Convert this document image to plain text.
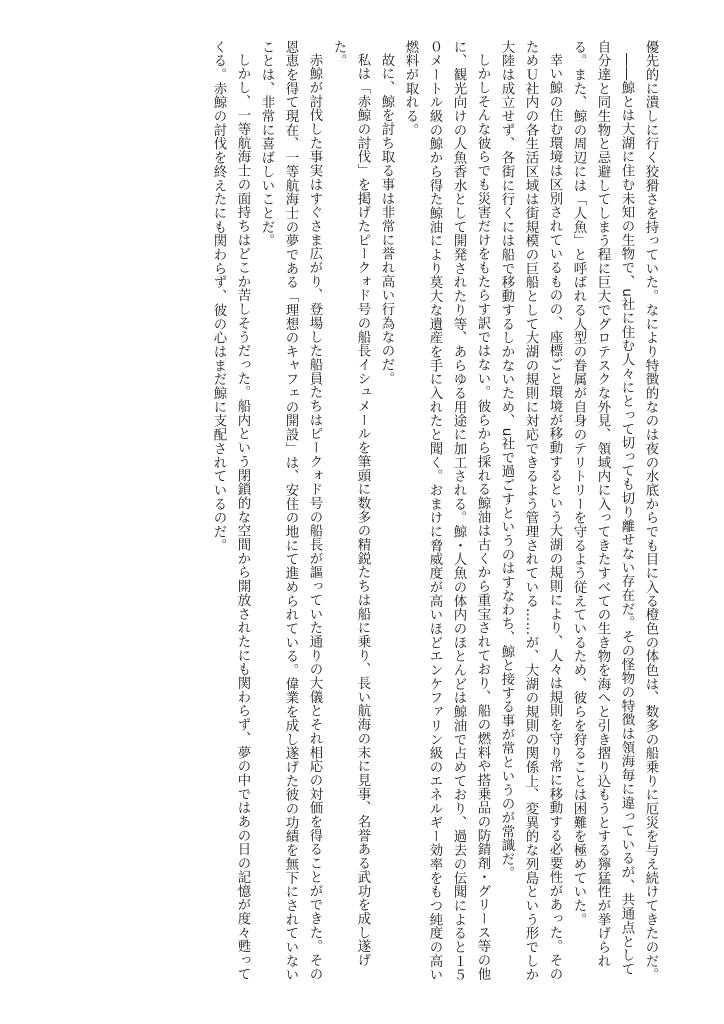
優先的に潰しに行く狡猾さを持っていた。なにより特徴的なのは夜の水底からでも目に入る橙色の体色は、数多の船乗りに厄災を与え続けてきたのだ。

――鯨とは大湖に住む未知の生物で、u社に住む人々にとって切っても切り離せない存在だ。その怪物の特徴は領海毎に違っているが、共通点として自分達と同生物と忌避してしまう程に巨大でグロテスクな外見、領域内に入ってきたすべての生き物を海へと引き摺り込もうとする獰猛性が挙げられる。また、鯨の周辺には「人魚」と呼ばれる人型の眷属が自身のテリトリーを守るよう従えているため、彼らを狩ることは困難を極めていた。

幸い鯨の住む環境は区別されているものの、座標ごと環境が移動するという大湖の規則により、人々は規則を守り常に移動する必要性があった。そのためＵ社内の各生活区域は街規模の巨船として大湖の規則に対応できるよう管理されている……が、大湖の規則の関係上、変異的な列島という形でしか大陸は成立せず、各街に行くには船で移動するしかないため、u社で過ごすというのはすなわち、鯨と接する事が常というのが常識だ。

しかしそんな彼らでも災害だけをもたらす訳ではない。彼らから採れる鯨油は古くから重宝されており、船の燃料や搭乗品の防錆剤・グリース等の他に、観光向けの人魚香水として開発されたり等、あらゆる用途に加工される。鯨・人魚の体内のほとんどは鯨油で占めており、過去の伝聞によると１５０メートル級の鯨から得た鯨油により莫大な遺産を手に入れたと聞く。おまけに脅威度が高いほどエンケファリン級のエネルギー効率をもつ純度の高い燃料が取れる。

故に、鯨を討ち取る事は非常に誉れ高い行為なのだ。

私は「赤鯨の討伐」を掲げたピークォド号の船長イシュメールを筆頭に数多の精鋭たちは船に乗り、長い航海の末に見事、名誉ある武功を成し遂げた。

赤鯨が討伐した事実はすぐさま広がり、登場した船員たちはピークォド号の船長が謳っていた通りの大儀とそれ相応の対価を得ることができた。その恩恵を得て現在、一等航海士の夢である「理想のキャフェの開設」は、安住の地にて進められている。偉業を成し遂げた彼の功績を無下にされていないことは、非常に喜ばしいことだ。

しかし、一等航海士の面持ちはどこか苦しそうだった。船内という閉鎖的な空間から開放されたにも関わらず、夢の中ではあの日の記憶が度々甦ってくる。赤鯨の討伐を終えたにも関わらず、彼の心はまだ鯨に支配されているのだ。
